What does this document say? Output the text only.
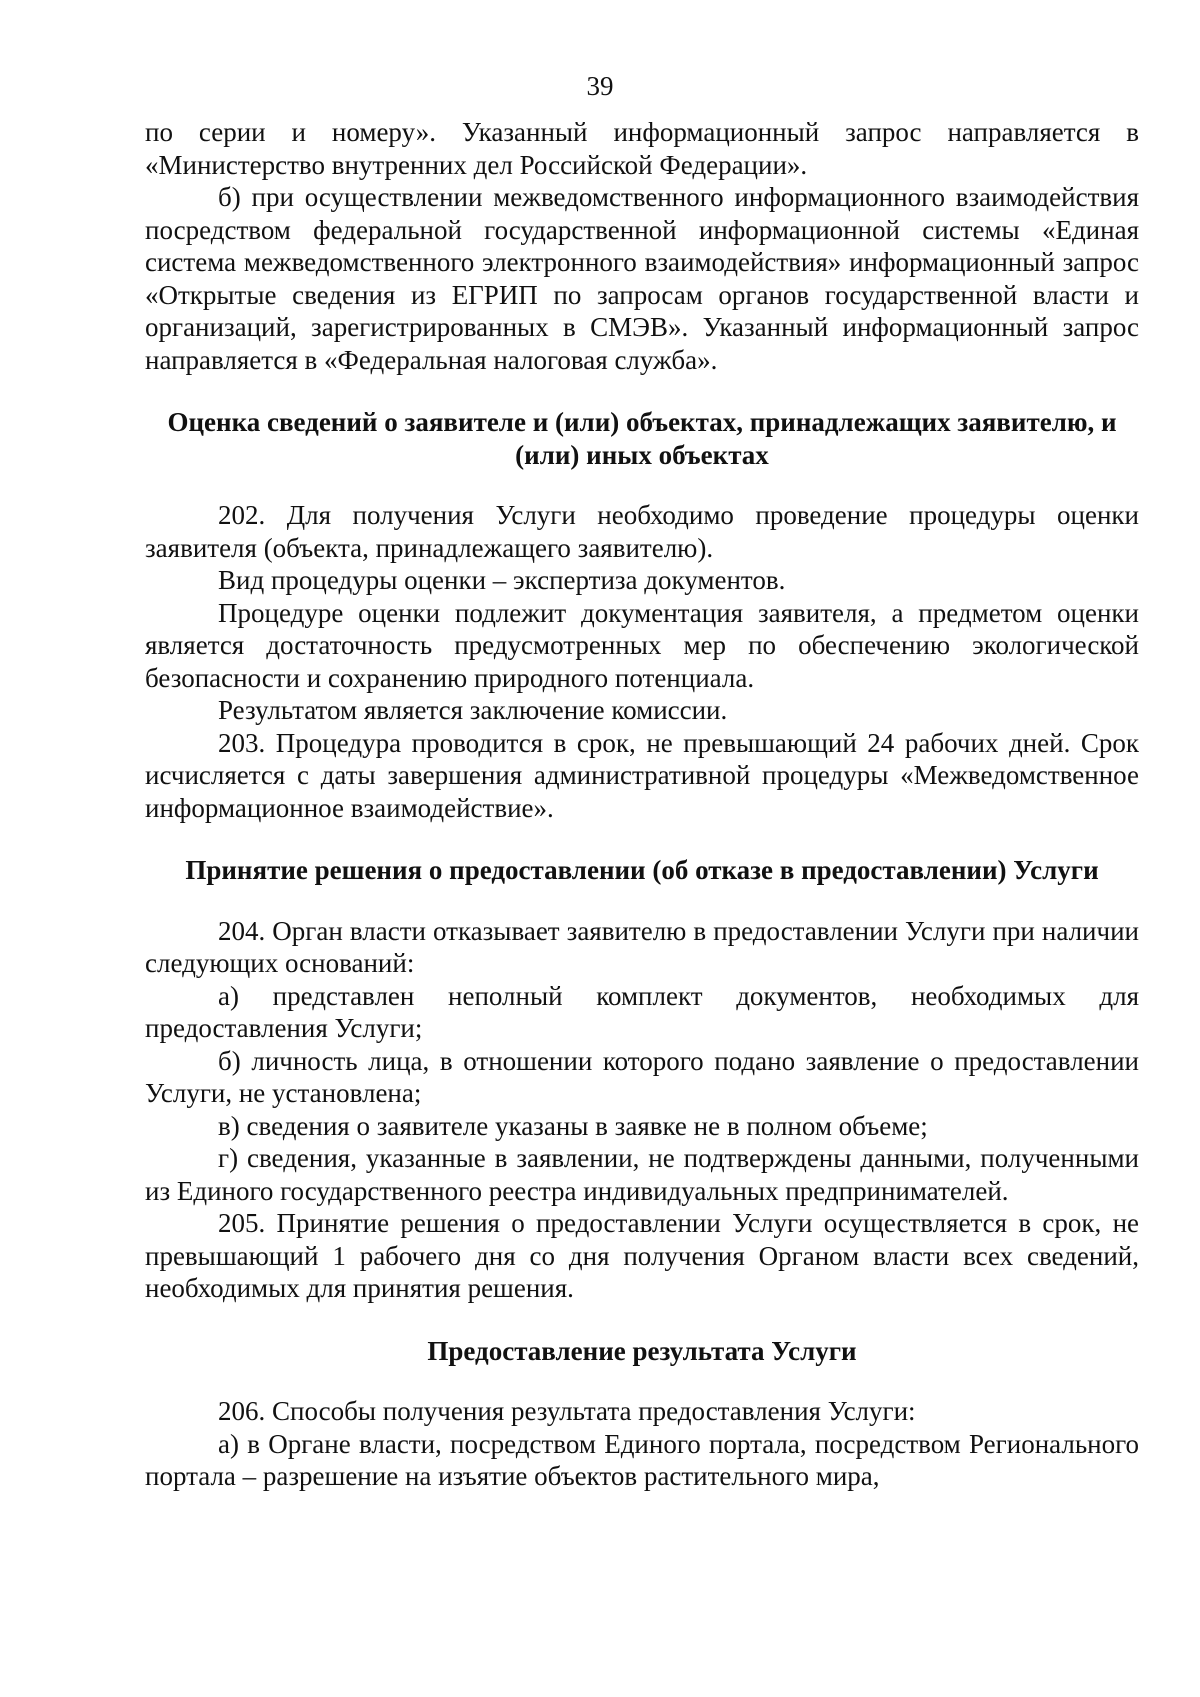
39

по серии и номеру». Указанный информационный запрос направляется в «Министерство внутренних дел Российской Федерации».

б) при осуществлении межведомственного информационного взаимодействия посредством федеральной государственной информационной системы «Единая система межведомственного электронного взаимодействия» информационный запрос «Открытые сведения из ЕГРИП по запросам органов государственной власти и организаций, зарегистрированных в СМЭВ». Указанный информационный запрос направляется в «Федеральная налоговая служба».

Оценка сведений о заявителе и (или) объектах, принадлежащих заявителю, и (или) иных объектах

202. Для получения Услуги необходимо проведение процедуры оценки заявителя (объекта, принадлежащего заявителю).

Вид процедуры оценки – экспертиза документов.

Процедуре оценки подлежит документация заявителя, а предметом оценки является достаточность предусмотренных мер по обеспечению экологической безопасности и сохранению природного потенциала.

Результатом является заключение комиссии.

203. Процедура проводится в срок, не превышающий 24 рабочих дней. Срок исчисляется с даты завершения административной процедуры «Межведомственное информационное взаимодействие».

Принятие решения о предоставлении (об отказе в предоставлении) Услуги

204. Орган власти отказывает заявителю в предоставлении Услуги при наличии следующих оснований:

а) представлен неполный комплект документов, необходимых для предоставления Услуги;

б) личность лица, в отношении которого подано заявление о предоставлении Услуги, не установлена;

в) сведения о заявителе указаны в заявке не в полном объеме;

г) сведения, указанные в заявлении, не подтверждены данными, полученными из Единого государственного реестра индивидуальных предпринимателей.

205. Принятие решения о предоставлении Услуги осуществляется в срок, не превышающий 1 рабочего дня со дня получения Органом власти всех сведений, необходимых для принятия решения.

Предоставление результата Услуги

206. Способы получения результата предоставления Услуги:

а) в Органе власти, посредством Единого портала, посредством Регионального портала – разрешение на изъятие объектов растительного мира,
